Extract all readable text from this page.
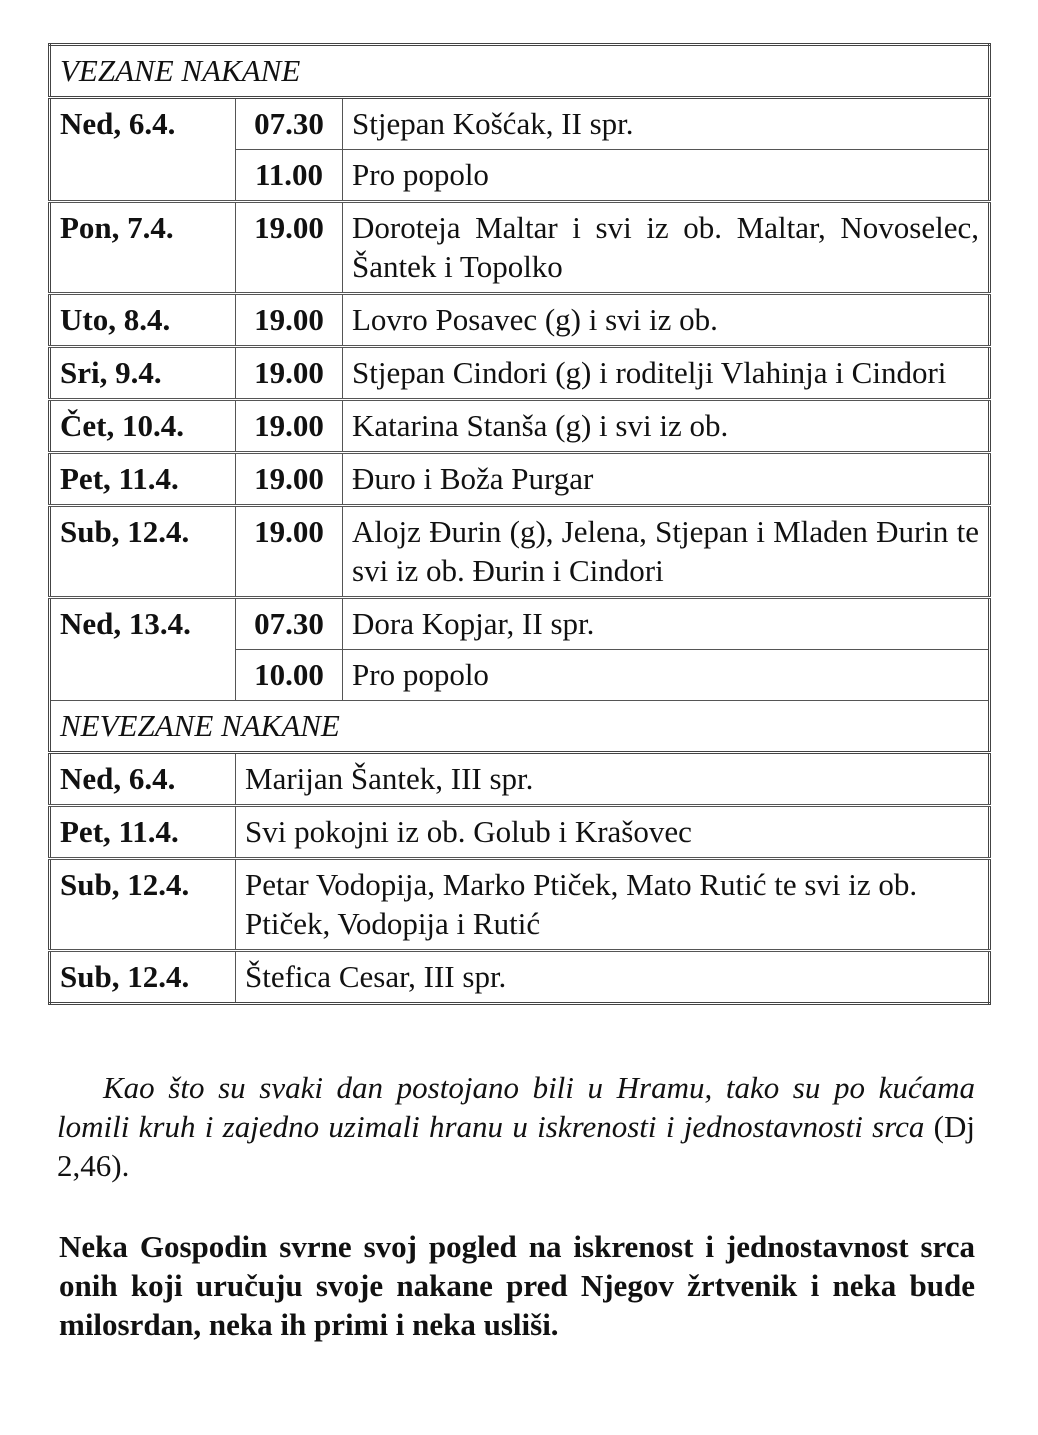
VEZANE NAKANE		
Ned, 6.4.	07.30	Stjepan Košćak, II spr.
	11.00	Pro popolo
Pon, 7.4.	19.00	Doroteja Maltar i svi iz ob. Maltar, Novoselec, Šantek i Topolko
Uto, 8.4.	19.00	Lovro Posavec (g) i svi iz ob.
Sri, 9.4.	19.00	Stjepan Cindori (g) i roditelji Vlahinja i Cindori
Čet, 10.4.	19.00	Katarina Stanša (g) i svi iz ob.
Pet, 11.4.	19.00	Đuro i Boža Purgar
Sub, 12.4.	19.00	Alojz Đurin (g), Jelena, Stjepan i Mladen Đurin te svi iz ob. Đurin i Cindori
Ned, 13.4.	07.30	Dora Kopjar, II spr.
	10.00	Pro popolo
NEVEZANE NAKANE		
Ned, 6.4.	Marijan Šantek, III spr.	
Pet, 11.4.	Svi pokojni iz ob. Golub i Krašovec	
Sub, 12.4.	Petar Vodopija, Marko Ptiček, Mato Rutić te svi iz ob. Ptiček, Vodopija i Rutić	
Sub, 12.4.	Štefica Cesar, III spr.	

Kao što su svaki dan postojano bili u Hramu, tako su po kućama lomili kruh i zajedno uzimali hranu u iskrenosti i jednostavnosti srca (Dj 2,46).

Neka Gospodin svrne svoj pogled na iskrenost i jednostavnost srca onih koji uručuju svoje nakane pred Njegov žrtvenik i neka bude milosrdan, neka ih primi i neka usliši.
